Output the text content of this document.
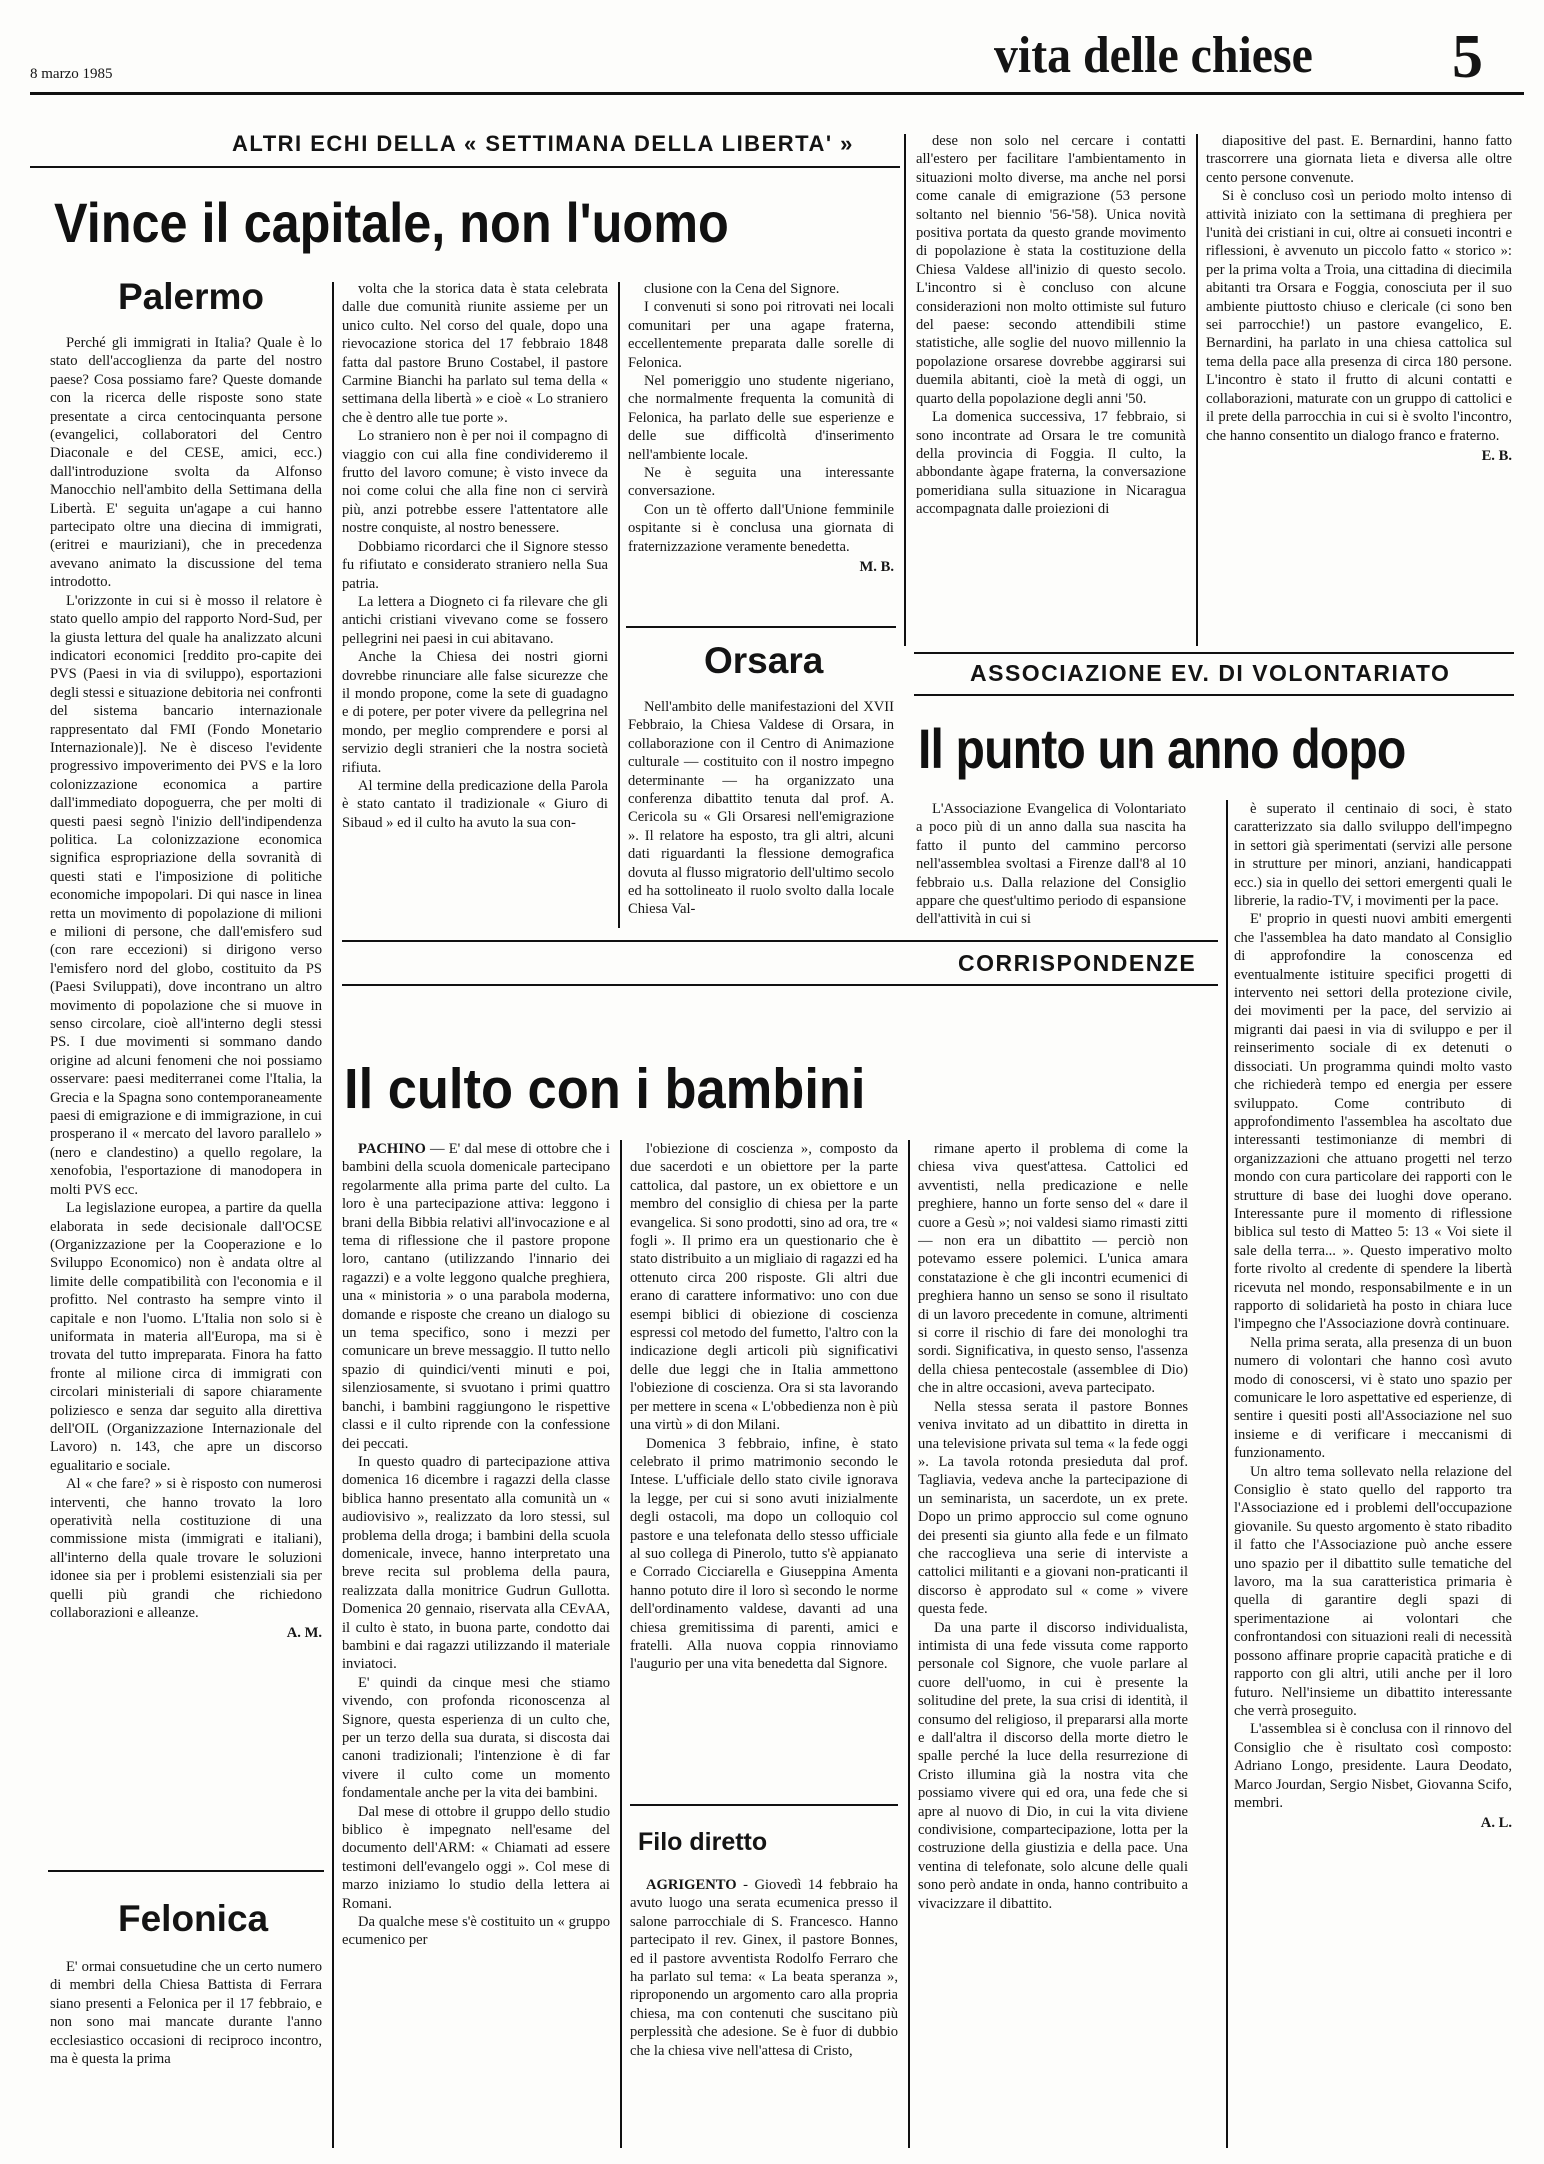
8 marzo 1985	vita delle chiese 5
ALTRI ECHI DELLA « SETTIMANA DELLA LIBERTA' »
Vince il capitale, non l'uomo
Palermo

Perché gli immigrati in Italia? Quale è lo stato dell'accoglienza da parte del nostro paese? Cosa possiamo fare? Queste domande con la ricerca delle risposte sono state presentate a circa centocinquanta persone (evangelici, collaboratori del Centro Diaconale e del CESE, amici, ecc.) dall'introduzione svolta da Alfonso Manocchio nell'ambito della Settimana della Libertà. E' seguita un'agape a cui hanno partecipato oltre una diecina di immigrati, (eritrei e mauriziani), che in precedenza avevano animato la discussione del tema introdotto.

L'orizzonte in cui si è mosso il relatore è stato quello ampio del rapporto Nord-Sud, per la giusta lettura del quale ha analizzato alcuni indicatori economici [reddito pro-capite dei PVS (Paesi in via di sviluppo), esportazioni degli stessi e situazione debitoria nei confronti del sistema bancario internazionale rappresentato dal FMI (Fondo Monetario Internazionale)]. Ne è disceso l'evidente progressivo impoverimento dei PVS e la loro colonizzazione economica a partire dall'immediato dopoguerra, che per molti di questi paesi segnò l'inizio dell'indipendenza politica. La colonizzazione economica significa espropriazione della sovranità di questi stati e l'imposizione di politiche economiche impopolari. Di qui nasce in linea retta un movimento di popolazione di milioni e milioni di persone, che dall'emisfero sud (con rare eccezioni) si dirigono verso l'emisfero nord del globo, costituito da PS (Paesi Sviluppati), dove incontrano un altro movimento di popolazione che si muove in senso circolare, cioè all'interno degli stessi PS. I due movimenti si sommano dando origine ad alcuni fenomeni che noi possiamo osservare: paesi mediterranei come l'Italia, la Grecia e la Spagna sono contemporaneamente paesi di emigrazione e di immigrazione, in cui prosperano il « mercato del lavoro parallelo » (nero e clandestino) a quello regolare, la xenofobia, l'esportazione di manodopera in molti PVS ecc.

La legislazione europea, a partire da quella elaborata in sede decisionale dall'OCSE (Organizzazione per la Cooperazione e lo Sviluppo Economico) non è andata oltre al limite delle compatibilità con l'economia e il profitto. Nel contrasto ha sempre vinto il capitale e non l'uomo. L'Italia non solo si è uniformata in materia all'Europa, ma si è trovata del tutto impreparata. Finora ha fatto fronte al milione circa di immigrati con circolari ministeriali di sapore chiaramente poliziesco e senza dar seguito alla direttiva dell'OIL (Organizzazione Internazionale del Lavoro) n. 143, che apre un discorso egualitario e sociale.

Al « che fare? » si è risposto con numerosi interventi, che hanno trovato la loro operatività nella costituzione di una commissione mista (immigrati e italiani), all'interno della quale trovare le soluzioni idonee sia per i problemi esistenziali sia per quelli più grandi che richiedono collaborazioni e alleanze.

A. M.
Felonica

E' ormai consuetudine che un certo numero di membri della Chiesa Battista di Ferrara siano presenti a Felonica per il 17 febbraio, e non sono mai mancate durante l'anno ecclesiastico occasioni di reciproco incontro, ma è questa la prima

volta che la storica data è stata celebrata dalle due comunità riunite assieme per un unico culto. Nel corso del quale, dopo una rievocazione storica del 17 febbraio 1848 fatta dal pastore Bruno Costabel, il pastore Carmine Bianchi ha parlato sul tema della « settimana della libertà » e cioè « Lo straniero che è dentro alle tue porte ».

Lo straniero non è per noi il compagno di viaggio con cui alla fine condivideremo il frutto del lavoro comune; è visto invece da noi come colui che alla fine non ci servirà più, anzi potrebbe essere l'attentatore alle nostre conquiste, al nostro benessere.

Dobbiamo ricordarci che il Signore stesso fu rifiutato e considerato straniero nella Sua patria.

La lettera a Diogneto ci fa rilevare che gli antichi cristiani vivevano come se fossero pellegrini nei paesi in cui abitavano.

Anche la Chiesa dei nostri giorni dovrebbe rinunciare alle false sicurezze che il mondo propone, come la sete di guadagno e di potere, per poter vivere da pellegrina nel mondo, per meglio comprendere e porsi al servizio degli stranieri che la nostra società rifiuta.

Al termine della predicazione della Parola è stato cantato il tradizionale « Giuro di Sibaud » ed il culto ha avuto la sua con-

clusione con la Cena del Signore.

I convenuti si sono poi ritrovati nei locali comunitari per una agape fraterna, eccellentemente preparata dalle sorelle di Felonica.

Nel pomeriggio uno studente nigeriano, che normalmente frequenta la comunità di Felonica, ha parlato delle sue esperienze e delle sue difficoltà d'inserimento nell'ambiente locale.

Ne è seguita una interessante conversazione.

Con un tè offerto dall'Unione femminile ospitante si è conclusa una giornata di fraternizzazione veramente benedetta.

M. B.
Orsara

Nell'ambito delle manifestazioni del XVII Febbraio, la Chiesa Valdese di Orsara, in collaborazione con il Centro di Animazione culturale — costituito con il nostro impegno determinante — ha organizzato una conferenza dibattito tenuta dal prof. A. Cericola su « Gli Orsaresi nell'emigrazione ». Il relatore ha esposto, tra gli altri, alcuni dati riguardanti la flessione demografica dovuta al flusso migratorio dell'ultimo secolo ed ha sottolineato il ruolo svolto dalla locale Chiesa Val-

dese non solo nel cercare i contatti all'estero per facilitare l'ambientamento in situazioni molto diverse, ma anche nel porsi come canale di emigrazione (53 persone soltanto nel biennio '56-'58). Unica novità positiva portata da questo grande movimento di popolazione è stata la costituzione della Chiesa Valdese all'inizio di questo secolo. L'incontro si è concluso con alcune considerazioni non molto ottimiste sul futuro del paese: secondo attendibili stime statistiche, alle soglie del nuovo millennio la popolazione orsarese dovrebbe aggirarsi sui duemila abitanti, cioè la metà di oggi, un quarto della popolazione degli anni '50.

La domenica successiva, 17 febbraio, si sono incontrate ad Orsara le tre comunità della provincia di Foggia. Il culto, la abbondante àgape fraterna, la conversazione pomeridiana sulla situazione in Nicaragua accompagnata dalle proiezioni di

diapositive del past. E. Bernardini, hanno fatto trascorrere una giornata lieta e diversa alle oltre cento persone convenute.

Si è concluso così un periodo molto intenso di attività iniziato con la settimana di preghiera per l'unità dei cristiani in cui, oltre ai consueti incontri e riflessioni, è avvenuto un piccolo fatto « storico »: per la prima volta a Troia, una cittadina di diecimila abitanti tra Orsara e Foggia, conosciuta per il suo ambiente piuttosto chiuso e clericale (ci sono ben sei parrocchie!) un pastore evangelico, E. Bernardini, ha parlato in una chiesa cattolica sul tema della pace alla presenza di circa 180 persone. L'incontro è stato il frutto di alcuni contatti e collaborazioni, maturate con un gruppo di cattolici e il prete della parrocchia in cui si è svolto l'incontro, che hanno consentito un dialogo franco e fraterno.

E. B.
ASSOCIAZIONE EV. DI VOLONTARIATO
Il punto un anno dopo

L'Associazione Evangelica di Volontariato a poco più di un anno dalla sua nascita ha fatto il punto del cammino percorso nell'assemblea svoltasi a Firenze dall'8 al 10 febbraio u.s. Dalla relazione del Consiglio appare che quest'ultimo periodo di espansione dell'attività in cui si

è superato il centinaio di soci, è stato caratterizzato sia dallo sviluppo dell'impegno in settori già sperimentati (servizi alle persone in strutture per minori, anziani, handicappati ecc.) sia in quello dei settori emergenti quali le librerie, la radio-TV, i movimenti per la pace.

E' proprio in questi nuovi ambiti emergenti che l'assemblea ha dato mandato al Consiglio di approfondire la conoscenza ed eventualmente istituire specifici progetti di intervento nei settori della protezione civile, dei movimenti per la pace, del servizio ai migranti dai paesi in via di sviluppo e per il reinserimento sociale di ex detenuti o dissociati. Un programma quindi molto vasto che richiederà tempo ed energia per essere sviluppato. Come contributo di approfondimento l'assemblea ha ascoltato due interessanti testimonianze di membri di organizzazioni che attuano progetti nel terzo mondo con cura particolare dei rapporti con le strutture di base dei luoghi dove operano. Interessante pure il momento di riflessione biblica sul testo di Matteo 5: 13 « Voi siete il sale della terra... ». Questo imperativo molto forte rivolto al credente di spendere la libertà ricevuta nel mondo, responsabilmente e in un rapporto di solidarietà ha posto in chiara luce l'impegno che l'Associazione dovrà continuare.

Nella prima serata, alla presenza di un buon numero di volontari che hanno così avuto modo di conoscersi, vi è stato uno spazio per comunicare le loro aspettative ed esperienze, di sentire i quesiti posti all'Associazione nel suo insieme e di verificare i meccanismi di funzionamento.

Un altro tema sollevato nella relazione del Consiglio è stato quello del rapporto tra l'Associazione ed i problemi dell'occupazione giovanile. Su questo argomento è stato ribadito il fatto che l'Associazione può anche essere uno spazio per il dibattito sulle tematiche del lavoro, ma la sua caratteristica primaria è quella di garantire degli spazi di sperimentazione ai volontari che confrontandosi con situazioni reali di necessità possono affinare proprie capacità pratiche e di rapporto con gli altri, utili anche per il loro futuro. Nell'insieme un dibattito interessante che verrà proseguito.

L'assemblea si è conclusa con il rinnovo del Consiglio che è risultato così composto: Adriano Longo, presidente. Laura Deodato, Marco Jourdan, Sergio Nisbet, Giovanna Scifo, membri.

A. L.
CORRISPONDENZE
Il culto con i bambini

PACHINO — E' dal mese di ottobre che i bambini della scuola domenicale partecipano regolarmente alla prima parte del culto. La loro è una partecipazione attiva: leggono i brani della Bibbia relativi all'invocazione e al tema di riflessione che il pastore propone loro, cantano (utilizzando l'innario dei ragazzi) e a volte leggono qualche preghiera, una « ministoria » o una parabola moderna, domande e risposte che creano un dialogo su un tema specifico, sono i mezzi per comunicare un breve messaggio. Il tutto nello spazio di quindici/venti minuti e poi, silenziosamente, si svuotano i primi quattro banchi, i bambini raggiungono le rispettive classi e il culto riprende con la confessione dei peccati.

In questo quadro di partecipazione attiva domenica 16 dicembre i ragazzi della classe biblica hanno presentato alla comunità un « audiovisivo », realizzato da loro stessi, sul problema della droga; i bambini della scuola domenicale, invece, hanno interpretato una breve recita sul problema della paura, realizzata dalla monitrice Gudrun Gullotta. Domenica 20 gennaio, riservata alla CEvAA, il culto è stato, in buona parte, condotto dai bambini e dai ragazzi utilizzando il materiale inviatoci.

E' quindi da cinque mesi che stiamo vivendo, con profonda riconoscenza al Signore, questa esperienza di un culto che, per un terzo della sua durata, si discosta dai canoni tradizionali; l'intenzione è di far vivere il culto come un momento fondamentale anche per la vita dei bambini.

Dal mese di ottobre il gruppo dello studio biblico è impegnato nell'esame del documento dell'ARM: « Chiamati ad essere testimoni dell'evangelo oggi ». Col mese di marzo iniziamo lo studio della lettera ai Romani.

Da qualche mese s'è costituito un « gruppo ecumenico per

l'obiezione di coscienza », composto da due sacerdoti e un obiettore per la parte cattolica, dal pastore, un ex obiettore e un membro del consiglio di chiesa per la parte evangelica. Si sono prodotti, sino ad ora, tre « fogli ». Il primo era un questionario che è stato distribuito a un migliaio di ragazzi ed ha ottenuto circa 200 risposte. Gli altri due erano di carattere informativo: uno con due esempi biblici di obiezione di coscienza espressi col metodo del fumetto, l'altro con la indicazione degli articoli più significativi delle due leggi che in Italia ammettono l'obiezione di coscienza. Ora si sta lavorando per mettere in scena « L'obbedienza non è più una virtù » di don Milani.

Domenica 3 febbraio, infine, è stato celebrato il primo matrimonio secondo le Intese. L'ufficiale dello stato civile ignorava la legge, per cui si sono avuti inizialmente degli ostacoli, ma dopo un colloquio col pastore e una telefonata dello stesso ufficiale al suo collega di Pinerolo, tutto s'è appianato e Corrado Cicciarella e Giuseppina Amenta hanno potuto dire il loro sì secondo le norme dell'ordinamento valdese, davanti ad una chiesa gremitissima di parenti, amici e fratelli. Alla nuova coppia rinnoviamo l'augurio per una vita benedetta dal Signore.

Filo diretto

AGRIGENTO - Giovedì 14 febbraio ha avuto luogo una serata ecumenica presso il salone parrocchiale di S. Francesco. Hanno partecipato il rev. Ginex, il pastore Bonnes, ed il pastore avventista Rodolfo Ferraro che ha parlato sul tema: « La beata speranza », riproponendo un argomento caro alla propria chiesa, ma con contenuti che suscitano più perplessità che adesione. Se è fuor di dubbio che la chiesa vive nell'attesa di Cristo,

rimane aperto il problema di come la chiesa viva quest'attesa. Cattolici ed avventisti, nella predicazione e nelle preghiere, hanno un forte senso del « dare il cuore a Gesù »; noi valdesi siamo rimasti zitti — non era un dibattito — perciò non potevamo essere polemici. L'unica amara constatazione è che gli incontri ecumenici di preghiera hanno un senso se sono il risultato di un lavoro precedente in comune, altrimenti si corre il rischio di fare dei monologhi tra sordi. Significativa, in questo senso, l'assenza della chiesa pentecostale (assemblee di Dio) che in altre occasioni, aveva partecipato.

Nella stessa serata il pastore Bonnes veniva invitato ad un dibattito in diretta in una televisione privata sul tema « la fede oggi ». La tavola rotonda presieduta dal prof. Tagliavia, vedeva anche la partecipazione di un seminarista, un sacerdote, un ex prete. Dopo un primo approccio sul come ognuno dei presenti sia giunto alla fede e un filmato che raccoglieva una serie di interviste a cattolici militanti e a giovani non-praticanti il discorso è approdato sul « come » vivere questa fede.

Da una parte il discorso individualista, intimista di una fede vissuta come rapporto personale col Signore, che vuole parlare al cuore dell'uomo, in cui è presente la solitudine del prete, la sua crisi di identità, il consumo del religioso, il prepararsi alla morte e dall'altra il discorso della morte dietro le spalle perché la luce della resurrezione di Cristo illumina già la nostra vita che possiamo vivere qui ed ora, una fede che si apre al nuovo di Dio, in cui la vita diviene condivisione, compartecipazione, lotta per la costruzione della giustizia e della pace. Una ventina di telefonate, solo alcune delle quali sono però andate in onda, hanno contribuito a vivacizzare il dibattito.
